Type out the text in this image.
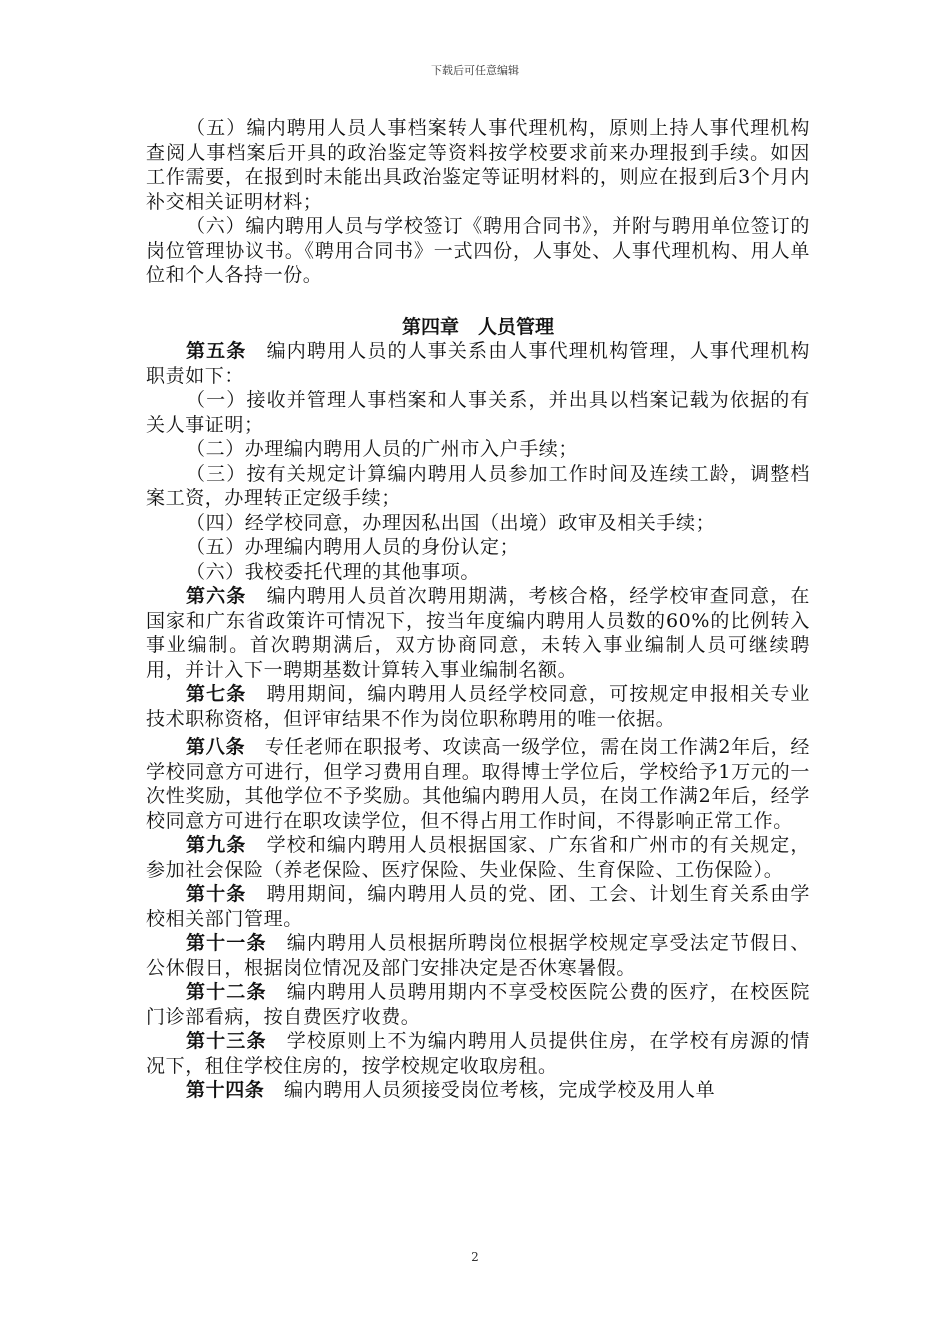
下载后可任意编辑

（五）编内聘用人员人事档案转人事代理机构，原则上持人事代理机构查阅人事档案后开具的政治鉴定等资料按学校要求前来办理报到手续。如因工作需要，在报到时未能出具政治鉴定等证明材料的，则应在报到后3个月内补交相关证明材料；

（六）编内聘用人员与学校签订《聘用合同书》，并附与聘用单位签订的岗位管理协议书。《聘用合同书》一式四份，人事处、人事代理机构、用人单位和个人各持一份。

第四章　人员管理

第五条　编内聘用人员的人事关系由人事代理机构管理，人事代理机构职责如下：

（一）接收并管理人事档案和人事关系，并出具以档案记载为依据的有关人事证明；

（二）办理编内聘用人员的广州市入户手续；

（三）按有关规定计算编内聘用人员参加工作时间及连续工龄，调整档案工资，办理转正定级手续；

（四）经学校同意，办理因私出国（出境）政审及相关手续；

（五）办理编内聘用人员的身份认定；

（六）我校委托代理的其他事项。

第六条　编内聘用人员首次聘用期满，考核合格，经学校审查同意，在国家和广东省政策许可情况下，按当年度编内聘用人员数的60%的比例转入事业编制。首次聘期满后，双方协商同意，未转入事业编制人员可继续聘用，并计入下一聘期基数计算转入事业编制名额。

第七条　聘用期间，编内聘用人员经学校同意，可按规定申报相关专业技术职称资格，但评审结果不作为岗位职称聘用的唯一依据。

第八条　专任老师在职报考、攻读高一级学位，需在岗工作满2年后，经学校同意方可进行，但学习费用自理。取得博士学位后，学校给予1万元的一次性奖励，其他学位不予奖励。其他编内聘用人员，在岗工作满2年后，经学校同意方可进行在职攻读学位，但不得占用工作时间，不得影响正常工作。

第九条　学校和编内聘用人员根据国家、广东省和广州市的有关规定，参加社会保险（养老保险、医疗保险、失业保险、生育保险、工伤保险）。

第十条　聘用期间，编内聘用人员的党、团、工会、计划生育关系由学校相关部门管理。

第十一条　编内聘用人员根据所聘岗位根据学校规定享受法定节假日、公休假日，根据岗位情况及部门安排决定是否休寒暑假。

第十二条　编内聘用人员聘用期内不享受校医院公费的医疗，在校医院门诊部看病，按自费医疗收费。

第十三条　学校原则上不为编内聘用人员提供住房，在学校有房源的情况下，租住学校住房的，按学校规定收取房租。

第十四条　编内聘用人员须接受岗位考核，完成学校及用人单

2
